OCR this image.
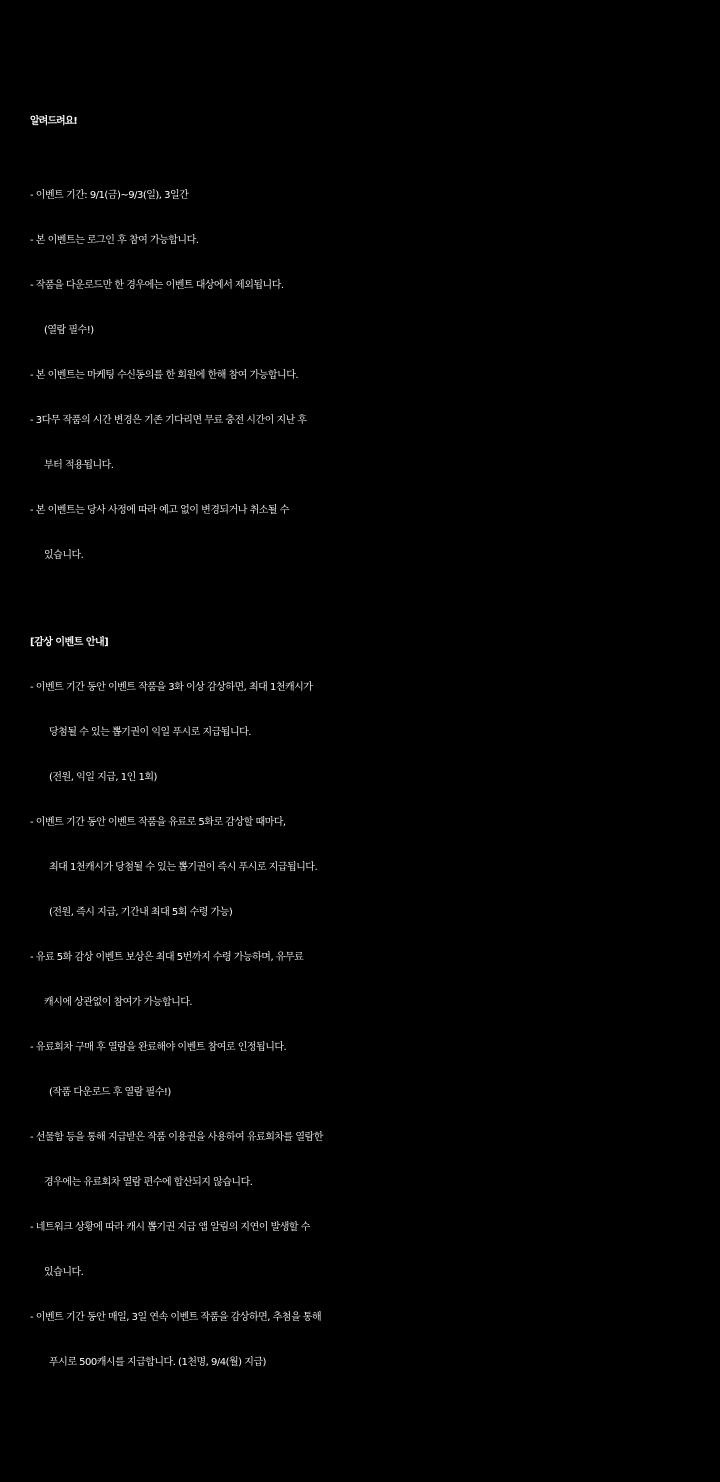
알려드려요!
- 이벤트 기간: 9/1(금)~9/3(일), 3일간
- 본 이벤트는 로그인 후 참여 가능합니다.
- 작품을 다운로드만 한 경우에는 이벤트 대상에서 제외됩니다.
(열람 필수!)
- 본 이벤트는 마케팅 수신동의를 한 회원에 한해 참여 가능합니다.
- 3다무 작품의 시간 변경은 기존 기다리면 무료 충전 시간이 지난 후
부터 적용됩니다.
- 본 이벤트는 당사 사정에 따라 예고 없이 변경되거나 취소될 수
있습니다.
[감상 이벤트 안내]
- 이벤트 기간 동안 이벤트 작품을 3화 이상 감상하면, 최대 1천캐시가
당첨될 수 있는 뽑기권이 익일 푸시로 지급됩니다.
(전원, 익일 지급, 1인 1회)
- 이벤트 기간 동안 이벤트 작품을 유료로 5화로 감상할 때마다,
최대 1천캐시가 당첨될 수 있는 뽑기권이 즉시 푸시로 지급됩니다.
(전원, 즉시 지급, 기간내 최대 5회 수령 가능)
- 유료 5화 감상 이벤트 보상은 최대 5번까지 수령 가능하며, 유무료
캐시에 상관없이 참여가 가능합니다.
- 유료회차 구매 후 열람을 완료해야 이벤트 참여로 인정됩니다.
(작품 다운로드 후 열람 필수!)
- 선물함 등을 통해 지급받은 작품 이용권을 사용하여 유료회차를 열람한
경우에는 유료회차 열람 편수에 합산되지 않습니다.
- 네트워크 상황에 따라 캐시 뽑기권 지급 앱 알림의 지연이 발생할 수
있습니다.
- 이벤트 기간 동안 매일, 3일 연속 이벤트 작품을 감상하면, 추첨을 통해
푸시로 500캐시를 지급합니다. (1천명, 9/4(월) 지급)
